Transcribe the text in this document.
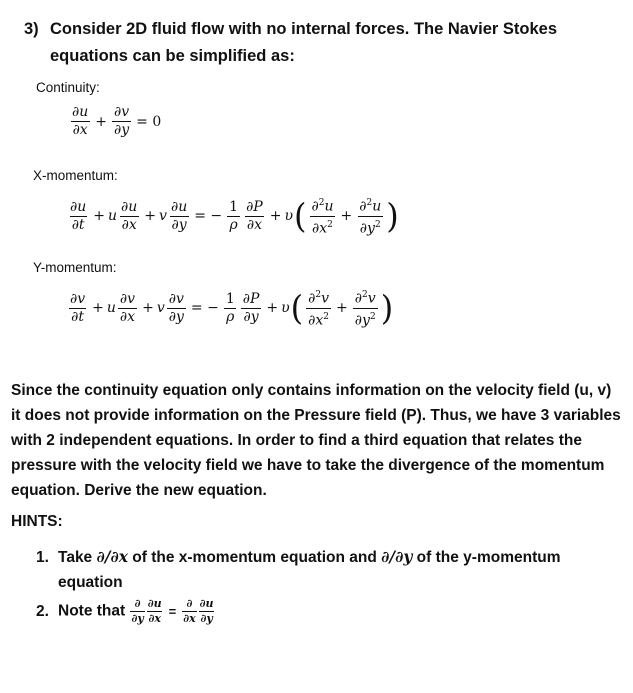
3) Consider 2D fluid flow with no internal forces. The Navier Stokes
equations can be simplified as:
Continuity:
$\frac{\partial u}{\partial x} + \frac{\partial v}{\partial y} = 0$
X-momentum:
$\frac{\partial u}{\partial t} + u \frac{\partial u}{\partial x} + v \frac{\partial u}{\partial y}$ = − $\frac{1}{\rho} \frac{\partial P}{\partial x} + \upsilon$ ( $\frac{\partial^2u}{\partial x^2} + \frac{\partial^2u}{\partial y^2}$ )
Y-momentum:
$\frac{\partial v}{\partial t} + u \frac{\partial v}{\partial x} + v \frac{\partial v}{\partial y}$ = − $\frac{1}{\rho} \frac{\partial P}{\partial y} + \upsilon$ ( $\frac{\partial^2v}{\partial x^2} + \frac{\partial^2v}{\partial y^2}$ )
Since the continuity equation only contains information on the velocity field (u, v) it does not provide information on the Pressure field (P). Thus, we have 3 variables with 2 independent equations. In order to find a third equation that relates the pressure with the velocity field we have to take the divergence of the momentum equation. Derive the new equation.
HINTS:
1. Take ∂/∂x of the x-momentum equation and ∂/∂y of the y-momentum
equation
2. Note that ∂
$\partial y \frac{\partial u}{\partial x}$ =
∂
∂x
∂u
∂y
